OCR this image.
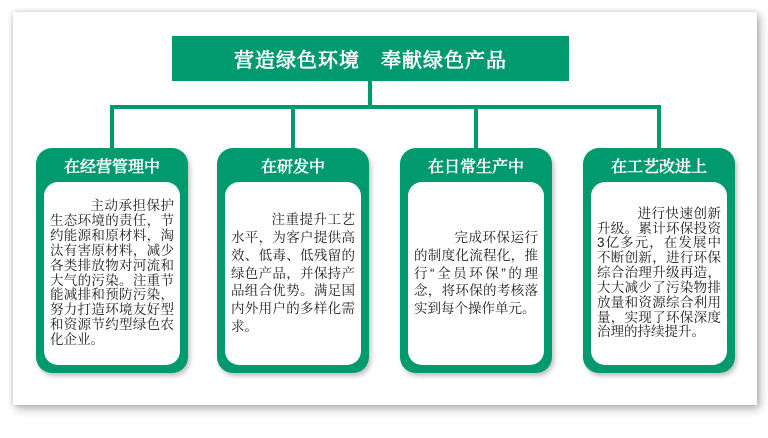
营造绿色环境　奉献绿色产品
在经营管理中

主动承担保护生态环境的责任，节约能源和原材料，淘汰有害原材料，减少各类排放物对河流和大气的污染。注重节能减排和预防污染，努力打造环境友好型和资源节约型绿色农化企业。

在研发中

注重提升工艺水平，为客户提供高效、低毒、低残留的绿色产品，并保持产品组合优势。满足国内外用户的多样化需求。

在日常生产中

完成环保运行的制度化流程化，推行“全员环保”的理念，将环保的考核落实到每个操作单元。

在工艺改进上

进行快速创新升级。累计环保投资3亿多元，在发展中不断创新，进行环保综合治理升级再造，大大减少了污染物排放量和资源综合利用量，实现了环保深度治理的持续提升。
